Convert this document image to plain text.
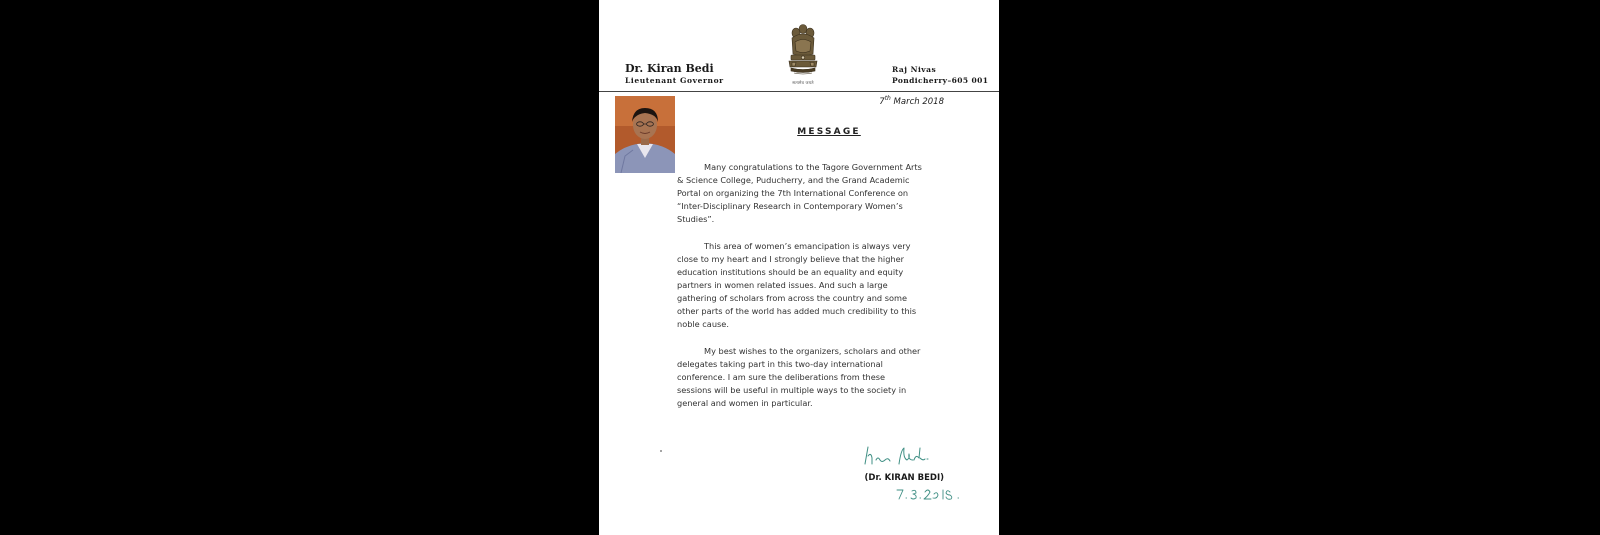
सत्यमेव जयते
Dr. Kiran Bedi
Lieutenant Governor
Raj Nivas
Pondicherry–605 001
7th March 2018
MESSAGE

Many congratulations to the Tagore Government Arts
& Science College, Puducherry, and the Grand Academic
Portal on organizing the 7th International Conference on
“Inter-Disciplinary Research in Contemporary Women’s
Studies”.

This area of women’s emancipation is always very
close to my heart and I strongly believe that the higher
education institutions should be an equality and equity
partners in women related issues. And such a large
gathering of scholars from across the country and some
other parts of the world has added much credibility to this
noble cause.

My best wishes to the organizers, scholars and other
delegates taking part in this two-day international
conference. I am sure the deliberations from these
sessions will be useful in multiple ways to the society in
general and women in particular.

(Dr. KIRAN BEDI)
